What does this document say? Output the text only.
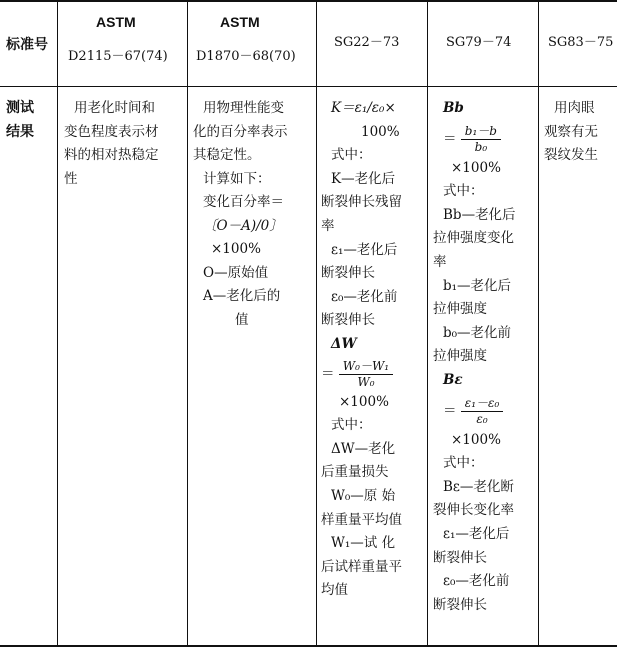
标准号
ASTM
D2115－67(74)
ASTM
D1870－68(70)
SG22－73	SG79－74	SG83－75
测试
结果
用老化时间和
变色程度表示材
料的相对热稳定
性
用物理性能变
化的百分率表示
其稳定性。
计算如下：
变化百分率＝
〔O－A)/0〕
×100%
O—原始值
A—老化后的
值
K＝ε₁/ε₀×
100%
式中：
K—老化后
断裂伸长残留
率
ε₁—老化后
断裂伸长
ε₀—老化前
断裂伸长
ΔW
＝ $\frac{\text{W₀－W₁}}{\text{W₀}}$
×100%
式中：
ΔW—老化
后重量损失
W₀—原 始
样重量平均值
W₁—试 化
后试样重量平
均值
Bb
＝ $\frac{\text{b₁－b}}{\text{b₀}}$
×100%
式中：
Bb—老化后
拉伸强度变化
率
b₁—老化后
拉伸强度
b₀—老化前
拉伸强度
Bε
＝ $\frac{\text{ε₁－ε₀}}{\text{ε₀}}$
×100%
式中：
Bε—老化断
裂伸长变化率
ε₁—老化后
断裂伸长
ε₀—老化前
断裂伸长
用肉眼
观察有无
裂纹发生
